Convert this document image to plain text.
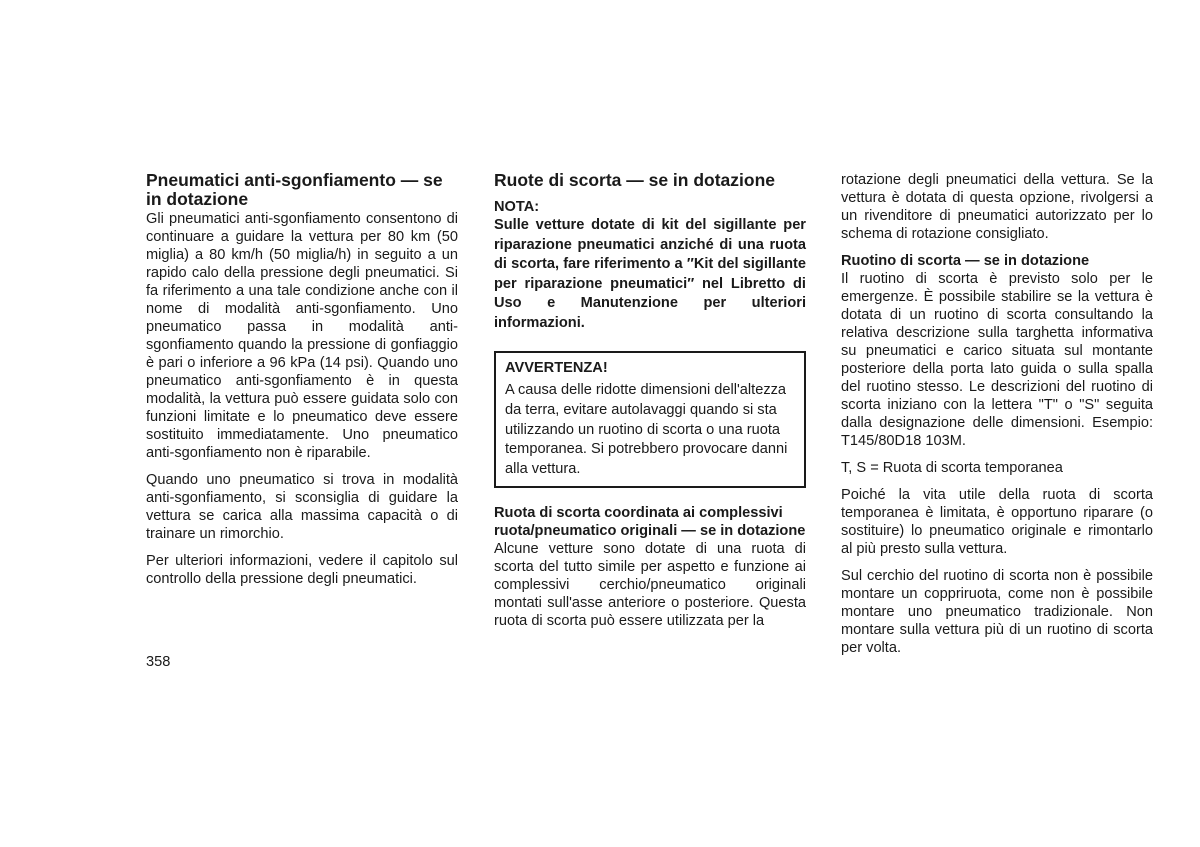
Pneumatici anti-sgonfiamento — se in dotazione

Gli pneumatici anti-sgonfiamento consentono di continuare a guidare la vettura per 80 km (50 miglia) a 80 km/h (50 miglia/h) in seguito a un rapido calo della pressione degli pneumatici. Si fa riferimento a una tale condizione anche con il nome di modalità anti-sgonfiamento. Uno pneumatico passa in modalità anti-sgonfiamento quando la pressione di gonfiaggio è pari o inferiore a 96 kPa (14 psi). Quando uno pneumatico anti-sgonfiamento è in questa modalità, la vettura può essere guidata solo con funzioni limitate e lo pneumatico deve essere sostituito immediatamente. Uno pneumatico anti-sgonfiamento non è riparabile.

Quando uno pneumatico si trova in modalità anti-sgonfiamento, si sconsiglia di guidare la vettura se carica alla massima capacità o di trainare un rimorchio.

Per ulteriori informazioni, vedere il capitolo sul controllo della pressione degli pneumatici.

Ruote di scorta — se in dotazione
NOTA:

Sulle vetture dotate di kit del sigillante per riparazione pneumatici anziché di una ruota di scorta, fare riferimento a ″Kit del sigillante per riparazione pneumatici″ nel Libretto di Uso e Manutenzione per ulteriori informazioni.

AVVERTENZA!

A causa delle ridotte dimensioni dell'altezza da terra, evitare autolavaggi quando si sta utilizzando un ruotino di scorta o una ruota temporanea. Si potrebbero provocare danni alla vettura.

Ruota di scorta coordinata ai complessivi ruota/pneumatico originali — se in dotazione

Alcune vetture sono dotate di una ruota di scorta del tutto simile per aspetto e funzione ai complessivi cerchio/pneumatico originali montati sull'asse anteriore o posteriore. Questa ruota di scorta può essere utilizzata per la

rotazione degli pneumatici della vettura. Se la vettura è dotata di questa opzione, rivolgersi a un rivenditore di pneumatici autorizzato per lo schema di rotazione consigliato.

Ruotino di scorta — se in dotazione

Il ruotino di scorta è previsto solo per le emergenze. È possibile stabilire se la vettura è dotata di un ruotino di scorta consultando la relativa descrizione sulla targhetta informativa su pneumatici e carico situata sul montante posteriore della porta lato guida o sulla spalla del ruotino stesso. Le descrizioni del ruotino di scorta iniziano con la lettera "T" o "S" seguita dalla designazione delle dimensioni. Esempio: T145/80D18 103M.

T, S = Ruota di scorta temporanea

Poiché la vita utile della ruota di scorta temporanea è limitata, è opportuno riparare (o sostituire) lo pneumatico originale e rimontarlo al più presto sulla vettura.

Sul cerchio del ruotino di scorta non è possibile montare un coppriruota, come non è possibile montare uno pneumatico tradizionale. Non montare sulla vettura più di un ruotino di scorta per volta.

358
